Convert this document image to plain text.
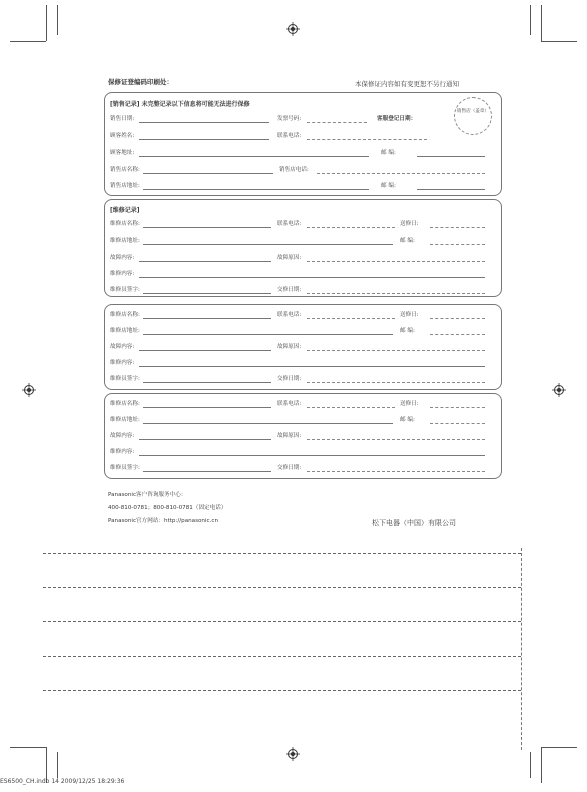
保修证登编码印刷处：	本保修证内容如有变更恕不另行通知
[销售记录] 未完整记录以下信息将可能无法进行保修
销售店（盖章）
销售日期:	发票号码:	客服登记日期：
顾客姓名:	联系电话:
顾客地址:	邮 编:
销售店名称:	销售店电话:
销售店地址:	邮 编:
[维修记录]
维修店名称:	联系电话:	送修日:
维修店地址:	邮 编:
故障内容:	故障原因:
维修内容:
维修员签字:	交修日期:
维修店名称:	联系电话:	送修日:
维修店地址:	邮 编:
故障内容:	故障原因:
维修内容:
维修员签字:	交修日期:
维修店名称:	联系电话:	送修日:
维修店地址:	邮 编:
故障内容:	故障原因:
维修内容:
维修员签字:	交修日期:
Panasonic客户咨询服务中心：
400-810-0781；800-810-0781（固定电话）
Panasonic官方网站：http://panasonic.cn	松下电器（中国）有限公司
ES6500_CH.indb 14 2009/12/25 18:29:36
